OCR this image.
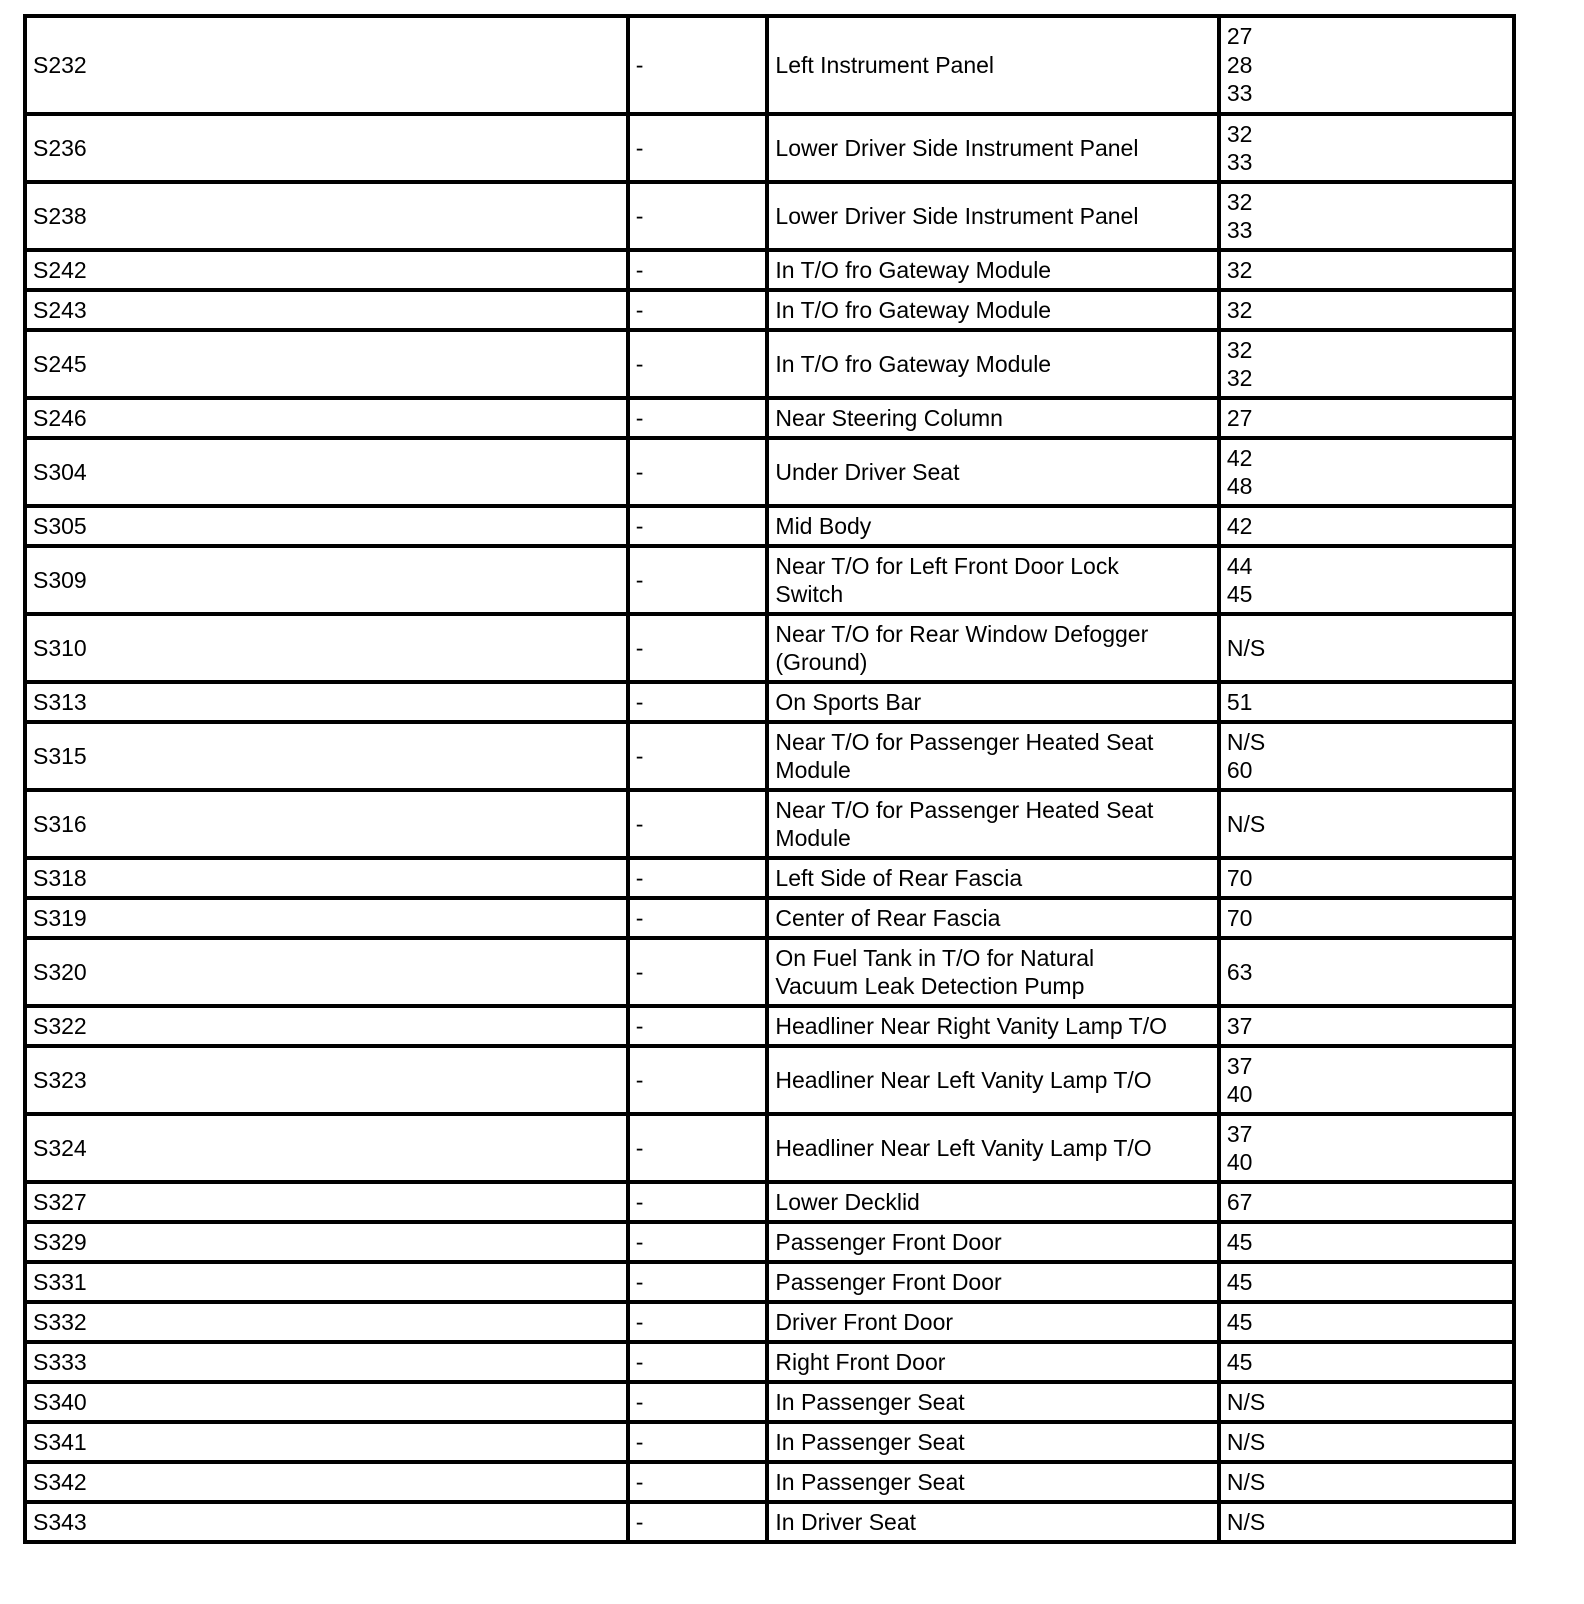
S232	-	Left Instrument Panel	27
28
33

S236	-	Lower Driver Side Instrument Panel	32
33

S238	-	Lower Driver Side Instrument Panel	32
33

S242	-	In T/O fro Gateway Module	32

S243	-	In T/O fro Gateway Module	32

S245	-	In T/O fro Gateway Module	32
32

S246	-	Near Steering Column	27

S304	-	Under Driver Seat	42
48

S305	-	Mid Body	42

S309	-	Near T/O for Left Front Door Lock
Switch	44
45

S310	-	Near T/O for Rear Window Defogger
(Ground)	N/S

S313	-	On Sports Bar	51

S315	-	Near T/O for Passenger Heated Seat
Module	N/S
60

S316	-	Near T/O for Passenger Heated Seat
Module	N/S

S318	-	Left Side of Rear Fascia	70

S319	-	Center of Rear Fascia	70

S320	-	On Fuel Tank in T/O for Natural
Vacuum Leak Detection Pump	63

S322	-	Headliner Near Right Vanity Lamp T/O	37

S323	-	Headliner Near Left Vanity Lamp T/O	37
40

S324	-	Headliner Near Left Vanity Lamp T/O	37
40

S327	-	Lower Decklid	67

S329	-	Passenger Front Door	45

S331	-	Passenger Front Door	45

S332	-	Driver Front Door	45

S333	-	Right Front Door	45

S340	-	In Passenger Seat	N/S

S341	-	In Passenger Seat	N/S

S342	-	In Passenger Seat	N/S

S343	-	In Driver Seat	N/S
